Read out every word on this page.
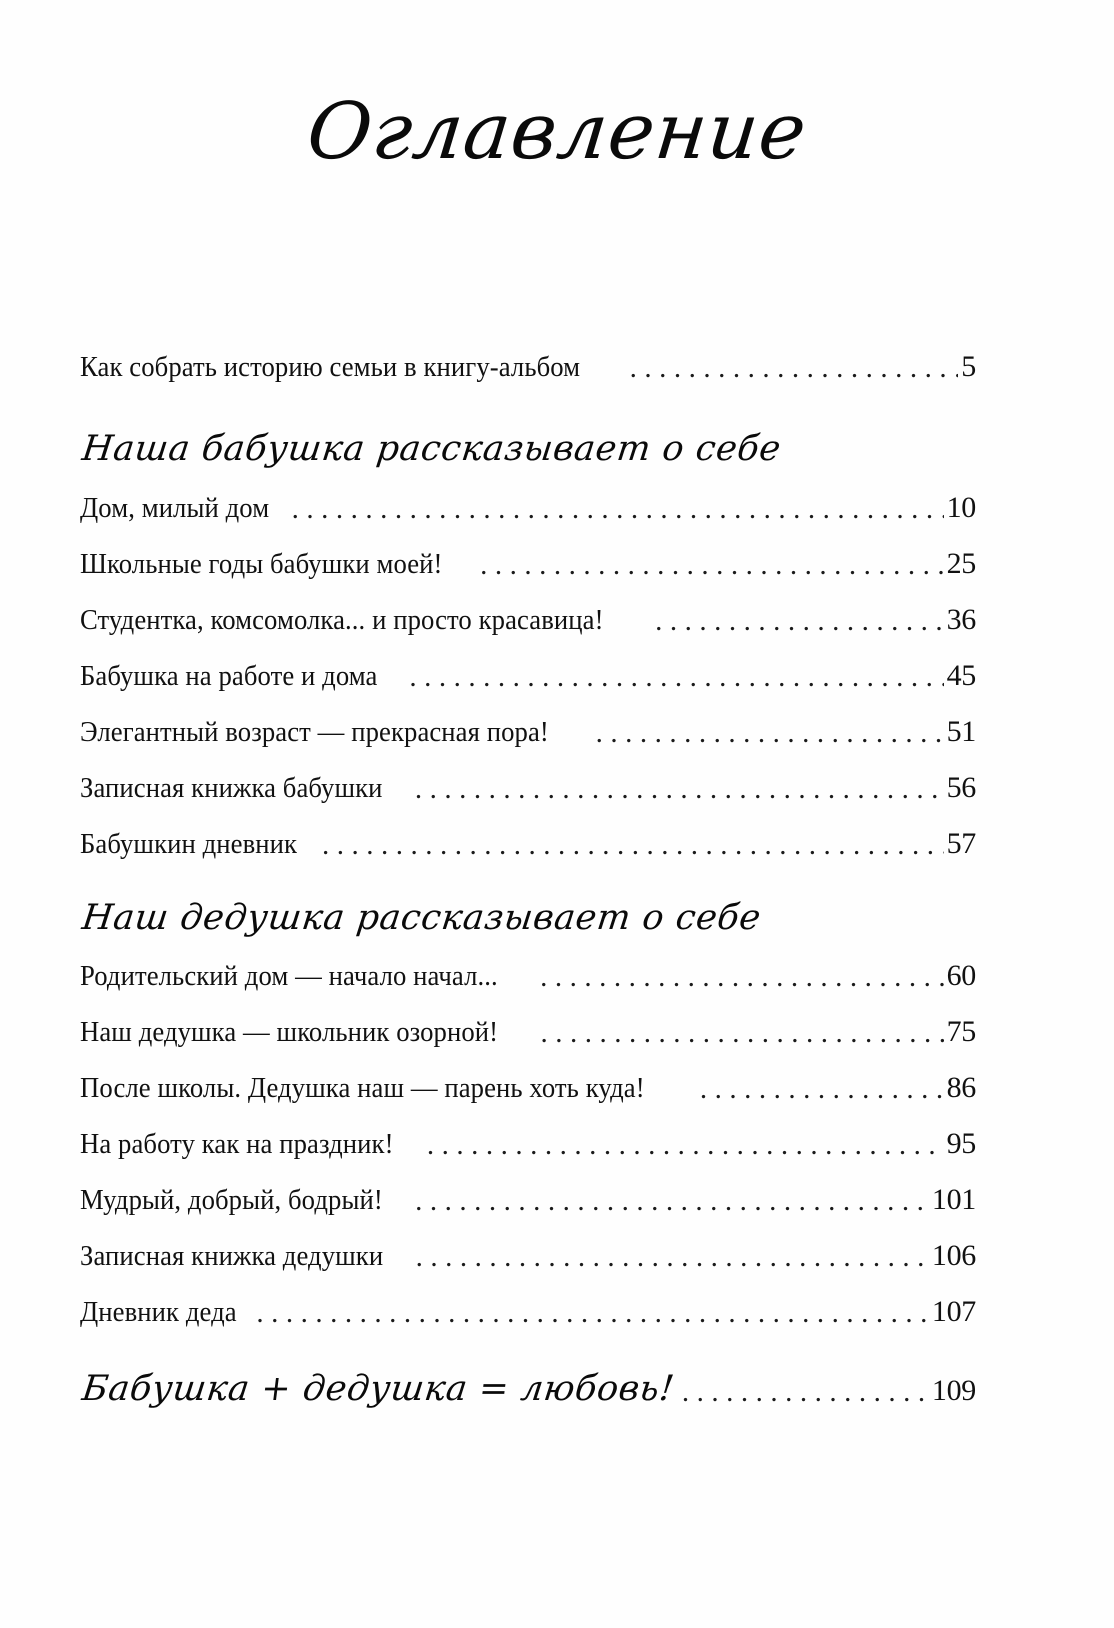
Оглавление
Как собрать историю семьи в книгу-альбом .....	5
Наша бабушка рассказывает о себе
Дом, милый дом .....	10
Школьные годы бабушки моей! .....	25
Студентка, комсомолка... и просто красавица! .....	36
Бабушка на работе и дома .....	45
Элегантный возраст — прекрасная пора! .....	51
Записная книжка бабушки .....	56
Бабушкин дневник .....	57
Наш дедушка рассказывает о себе
Родительский дом — начало начал... .....	60
Наш дедушка — школьник озорной! .....	75
После школы. Дедушка наш — парень хоть куда! .....	86
На работу как на праздник! .....	95
Мудрый, добрый, бодрый! .....	101
Записная книжка дедушки .....	106
Дневник деда .....	107
Бабушка + дедушка = любовь! .....	109
